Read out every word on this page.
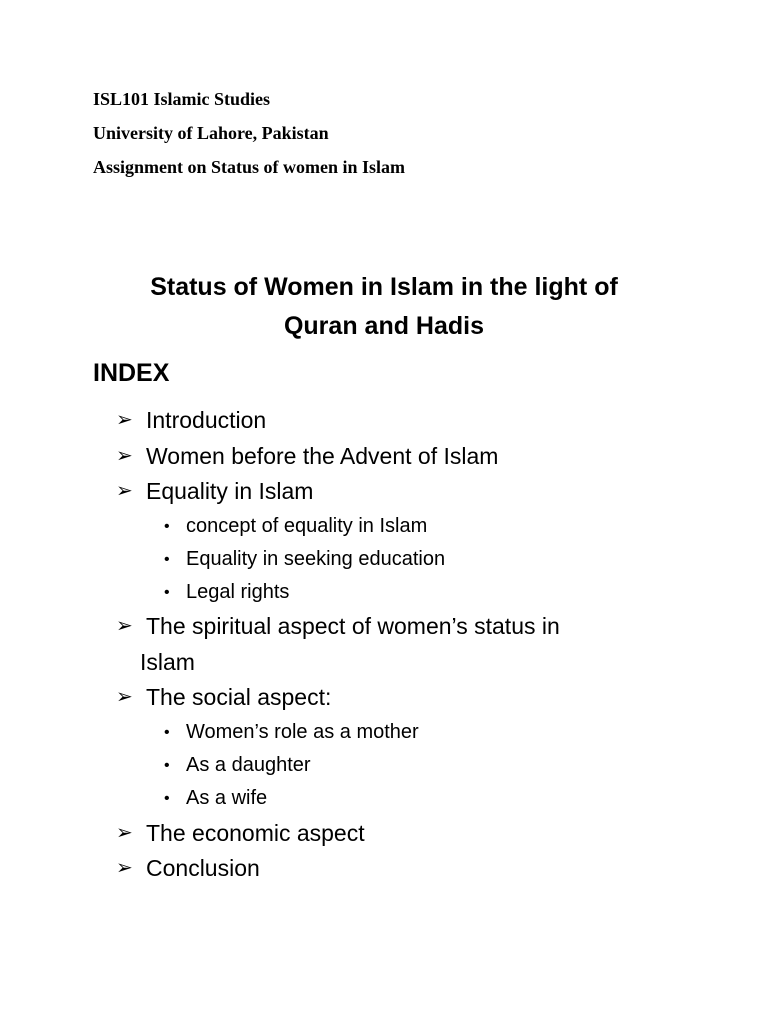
ISL101 Islamic Studies
University of Lahore, Pakistan
Assignment on Status of women in Islam
Status of Women in Islam in the light of
Quran and Hadis
INDEX
➢ Introduction
➢ Women before the Advent of Islam
➢ Equality in Islam
• concept of equality in Islam
• Equality in seeking education
• Legal rights
➢ The spiritual aspect of women’s status in
Islam
➢ The social aspect:
• Women’s role as a mother
• As a daughter
• As a wife
➢ The economic aspect
➢ Conclusion
